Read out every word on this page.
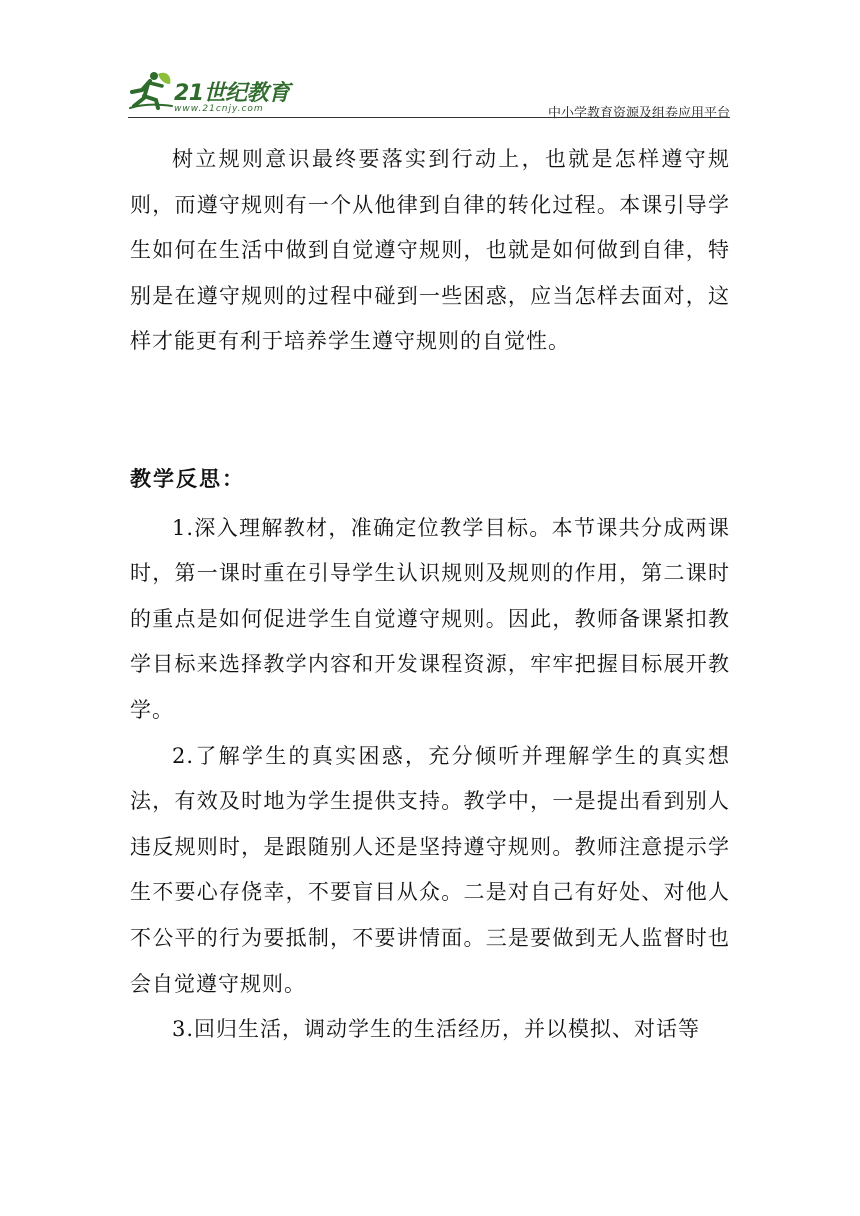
21世纪教育
www.21cnjy.com	中小学教育资源及组卷应用平台

树立规则意识最终要落实到行动上，也就是怎样遵守规则，而遵守规则有一个从他律到自律的转化过程。本课引导学生如何在生活中做到自觉遵守规则，也就是如何做到自律，特别是在遵守规则的过程中碰到一些困惑，应当怎样去面对，这样才能更有利于培养学生遵守规则的自觉性。

教学反思：

1.深入理解教材，准确定位教学目标。本节课共分成两课时，第一课时重在引导学生认识规则及规则的作用，第二课时的重点是如何促进学生自觉遵守规则。因此，教师备课紧扣教学目标来选择教学内容和开发课程资源，牢牢把握目标展开教学。

2.了解学生的真实困惑，充分倾听并理解学生的真实想法，有效及时地为学生提供支持。教学中，一是提出看到别人违反规则时，是跟随别人还是坚持遵守规则。教师注意提示学生不要心存侥幸，不要盲目从众。二是对自己有好处、对他人不公平的行为要抵制，不要讲情面。三是要做到无人监督时也会自觉遵守规则。

3.回归生活，调动学生的生活经历，并以模拟、对话等
